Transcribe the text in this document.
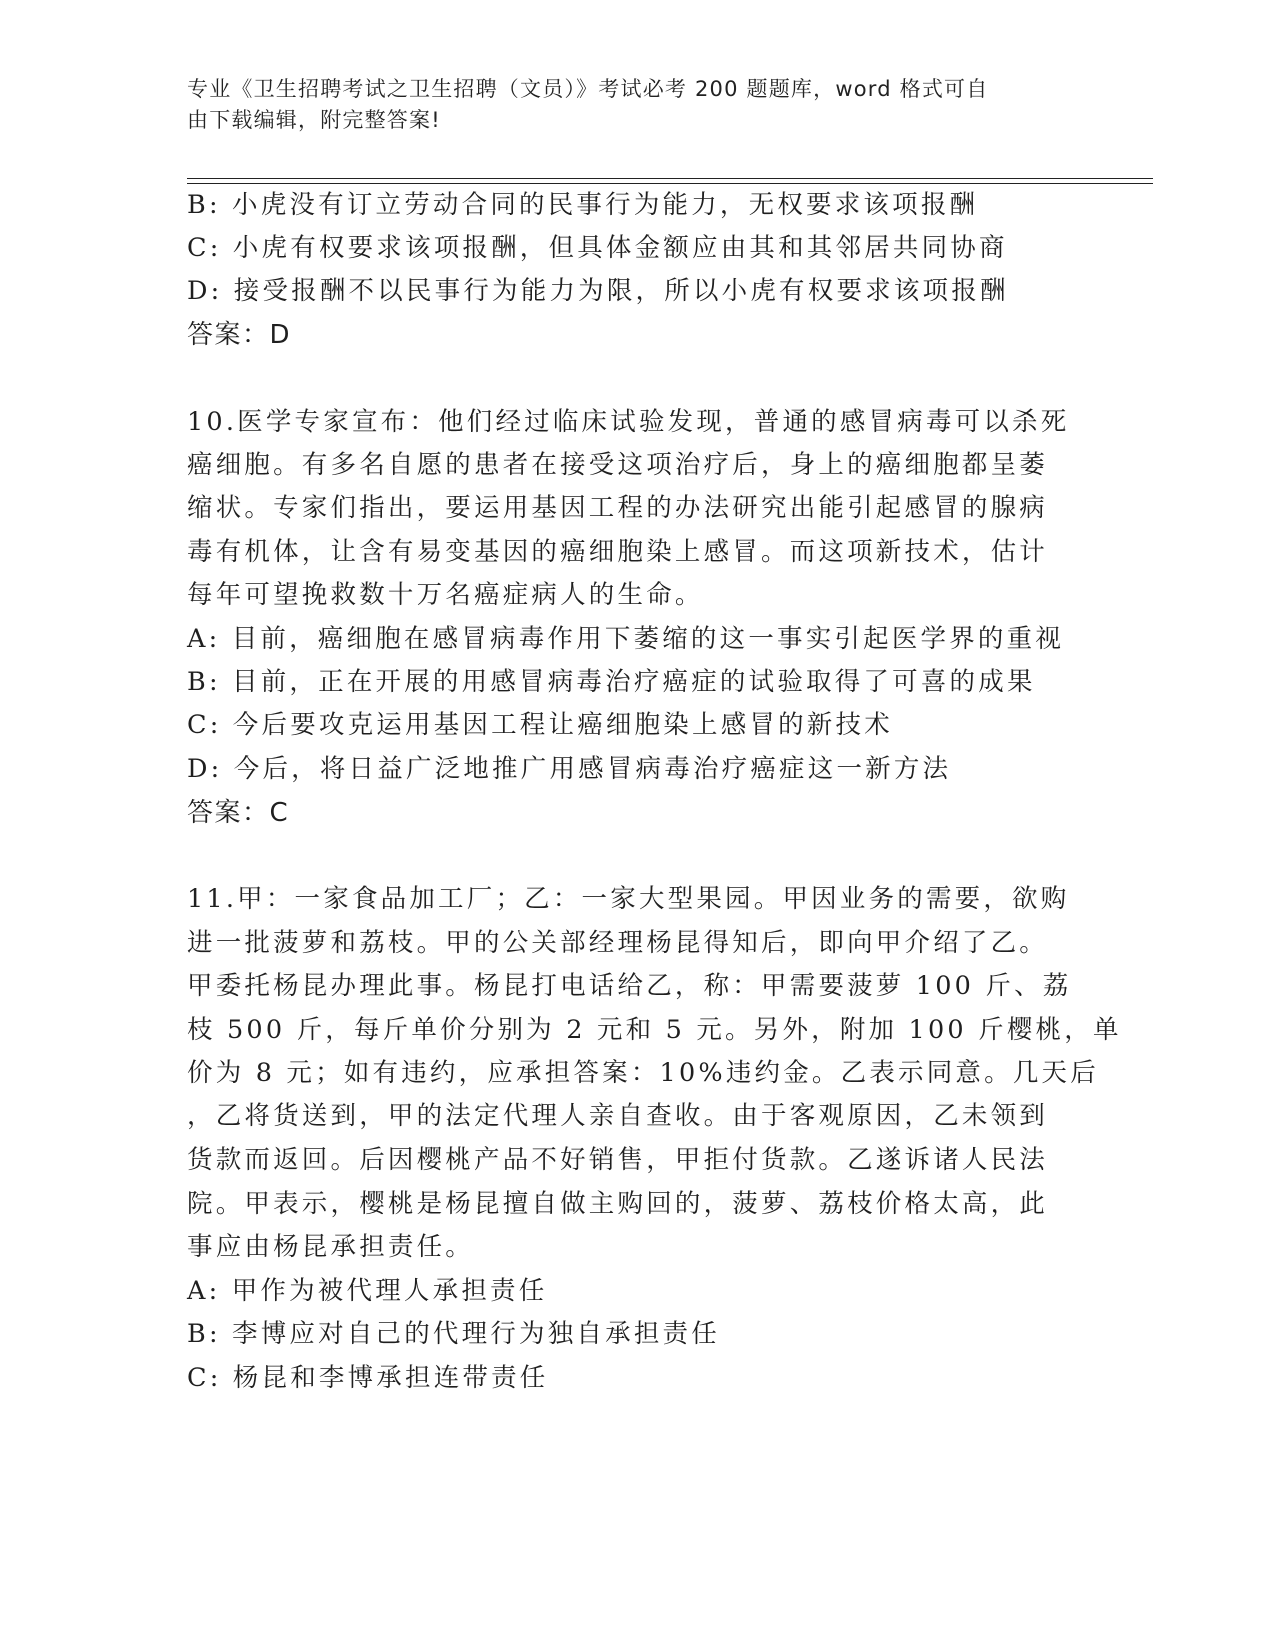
专业《卫生招聘考试之卫生招聘（文员）》考试必考 200 题题库，word 格式可自
由下载编辑，附完整答案!
B: 小虎没有订立劳动合同的民事行为能力，无权要求该项报酬
C: 小虎有权要求该项报酬，但具体金额应由其和其邻居共同协商
D: 接受报酬不以民事行为能力为限，所以小虎有权要求该项报酬
答案：D
10.医学专家宣布：他们经过临床试验发现，普通的感冒病毒可以杀死
癌细胞。有多名自愿的患者在接受这项治疗后，身上的癌细胞都呈萎
缩状。专家们指出，要运用基因工程的办法研究出能引起感冒的腺病
毒有机体，让含有易变基因的癌细胞染上感冒。而这项新技术，估计
每年可望挽救数十万名癌症病人的生命。
A: 目前，癌细胞在感冒病毒作用下萎缩的这一事实引起医学界的重视
B: 目前，正在开展的用感冒病毒治疗癌症的试验取得了可喜的成果
C: 今后要攻克运用基因工程让癌细胞染上感冒的新技术
D: 今后，将日益广泛地推广用感冒病毒治疗癌症这一新方法
答案：C
11.甲：一家食品加工厂；乙：一家大型果园。甲因业务的需要，欲购
进一批菠萝和荔枝。甲的公关部经理杨昆得知后，即向甲介绍了乙。
甲委托杨昆办理此事。杨昆打电话给乙，称：甲需要菠萝 100 斤、荔
枝 500 斤，每斤单价分别为 2 元和 5 元。另外，附加 100 斤樱桃，单
价为 8 元；如有违约，应承担答案：10%违约金。乙表示同意。几天后
，乙将货送到，甲的法定代理人亲自查收。由于客观原因，乙未领到
货款而返回。后因樱桃产品不好销售，甲拒付货款。乙遂诉诸人民法
院。甲表示，樱桃是杨昆擅自做主购回的，菠萝、荔枝价格太高，此
事应由杨昆承担责任。
A: 甲作为被代理人承担责任
B: 李博应对自己的代理行为独自承担责任
C: 杨昆和李博承担连带责任
